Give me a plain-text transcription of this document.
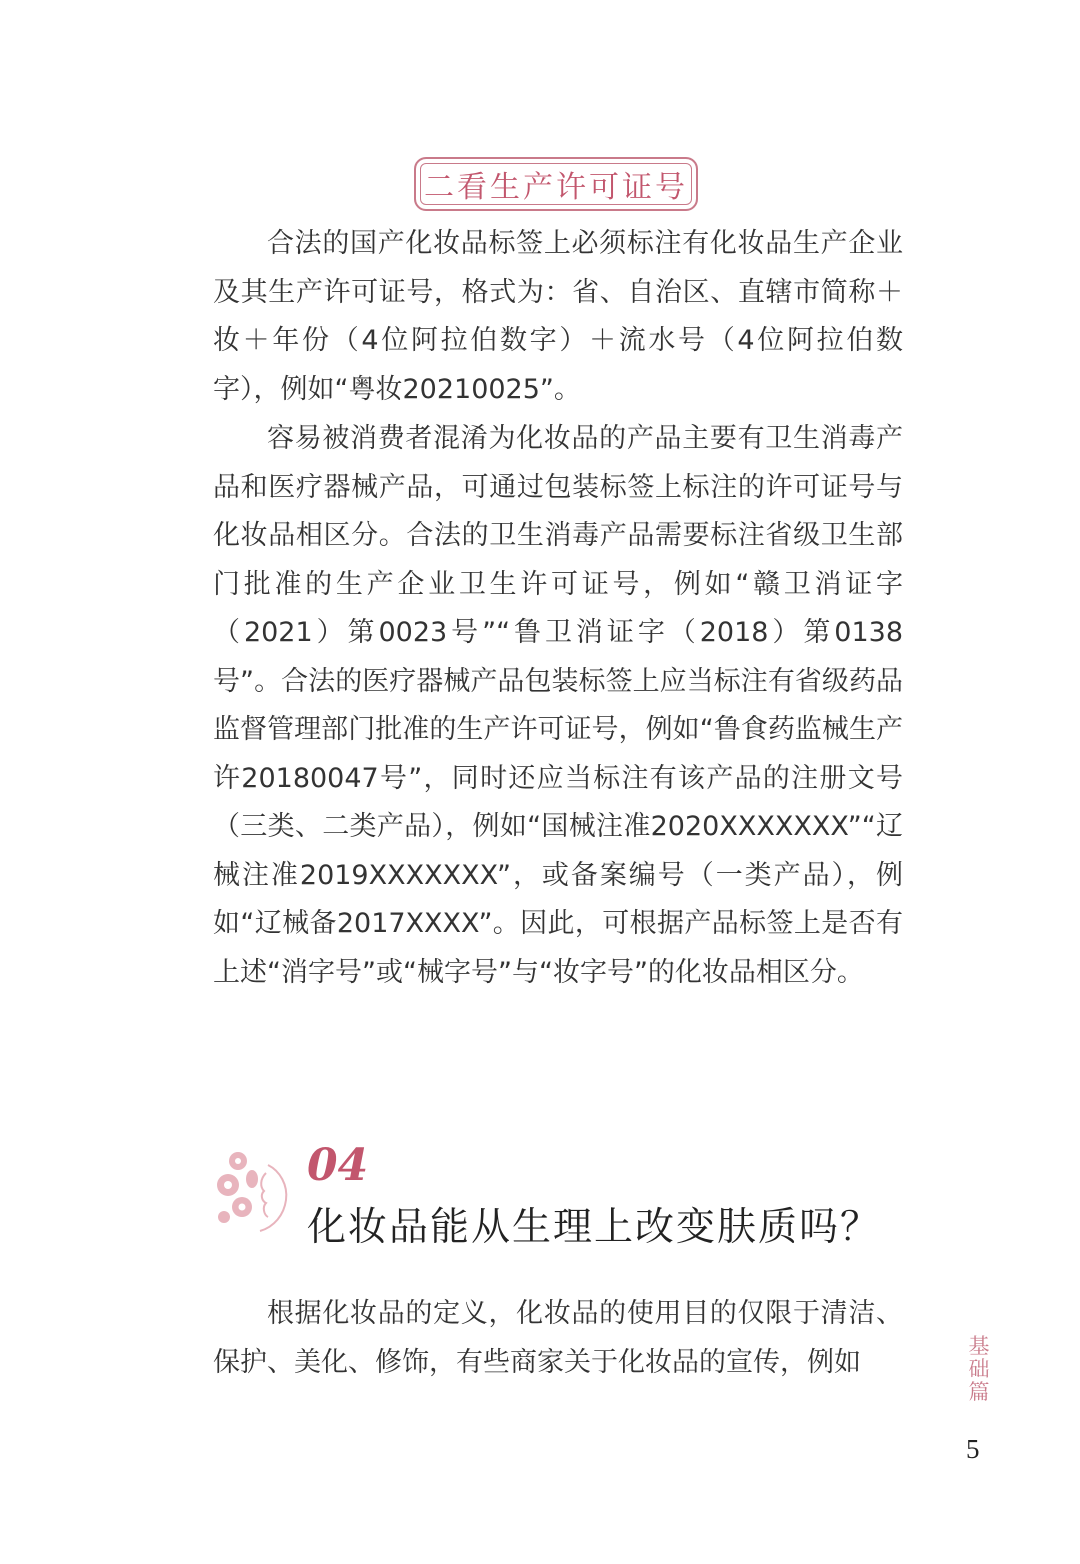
二看生产许可证号

合法的国产化妆品标签上必须标注有化妆品生产企业及其生产许可证号，格式为：省、自治区、直辖市简称＋妆＋年份（4位阿拉伯数字）＋流水号（4位阿拉伯数字），例如“粤妆20210025”。

容易被消费者混淆为化妆品的产品主要有卫生消毒产品和医疗器械产品，可通过包装标签上标注的许可证号与化妆品相区分。合法的卫生消毒产品需要标注省级卫生部门批准的生产企业卫生许可证号，例如“赣卫消证字（2021）第0023号”“鲁卫消证字（2018）第0138号”。合法的医疗器械产品包装标签上应当标注有省级药品监督管理部门批准的生产许可证号，例如“鲁食药监械生产许20180047号”，同时还应当标注有该产品的注册文号（三类、二类产品），例如“国械注准2020XXXXXXX”“辽械注准2019XXXXXXX”，或备案编号（一类产品），例如“辽械备2017XXXX”。因此，可根据产品标签上是否有上述“消字号”或“械字号”与“妆字号”的化妆品相区分。

04
化妆品能从生理上改变肤质吗？

根据化妆品的定义，化妆品的使用目的仅限于清洁、保护、美化、修饰，有些商家关于化妆品的宣传，例如

基础篇
5
